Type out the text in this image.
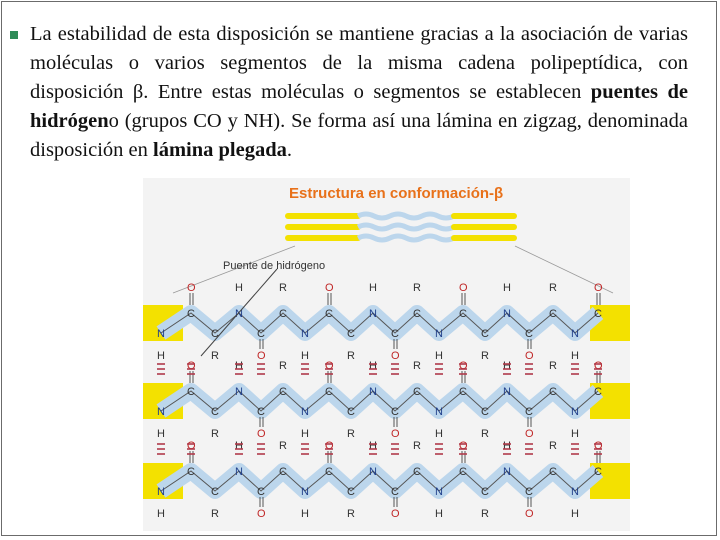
La estabilidad de esta disposición se mantiene gracias a la asociación de varias moléculas o varios segmentos de la misma cadena polipeptídica, con disposición β. Entre estas moléculas o segmentos se establecen puentes de hidrógeno (grupos CO y NH). Se forma así una lámina en zigzag, denominada disposición en lámina plegada.

Estructura en conformación-β
N
H
C
O
C
R
N
H
C
O
C
R
N
H
C
O
C
R
N
H
C
O
C
R
N
H
C
O
C
R
N
H
C
O
C
R
N
H
C
O
N
H
C
O
C
R
N
H
C
O
C
R
N
H
C
O
C
R
N
H
C
O
C
R
N
H
C
O
C
R
N
H
C
O
C
R
N
H
C
O
N
H
C
O
C
R
N
H
C
O
C
R
N
H
C
O
C
R
N
H
C
O
C
R
N
H
C
O
C
R
N
H
C
O
C
R
N
H
C
O
Puente de hidrógeno
